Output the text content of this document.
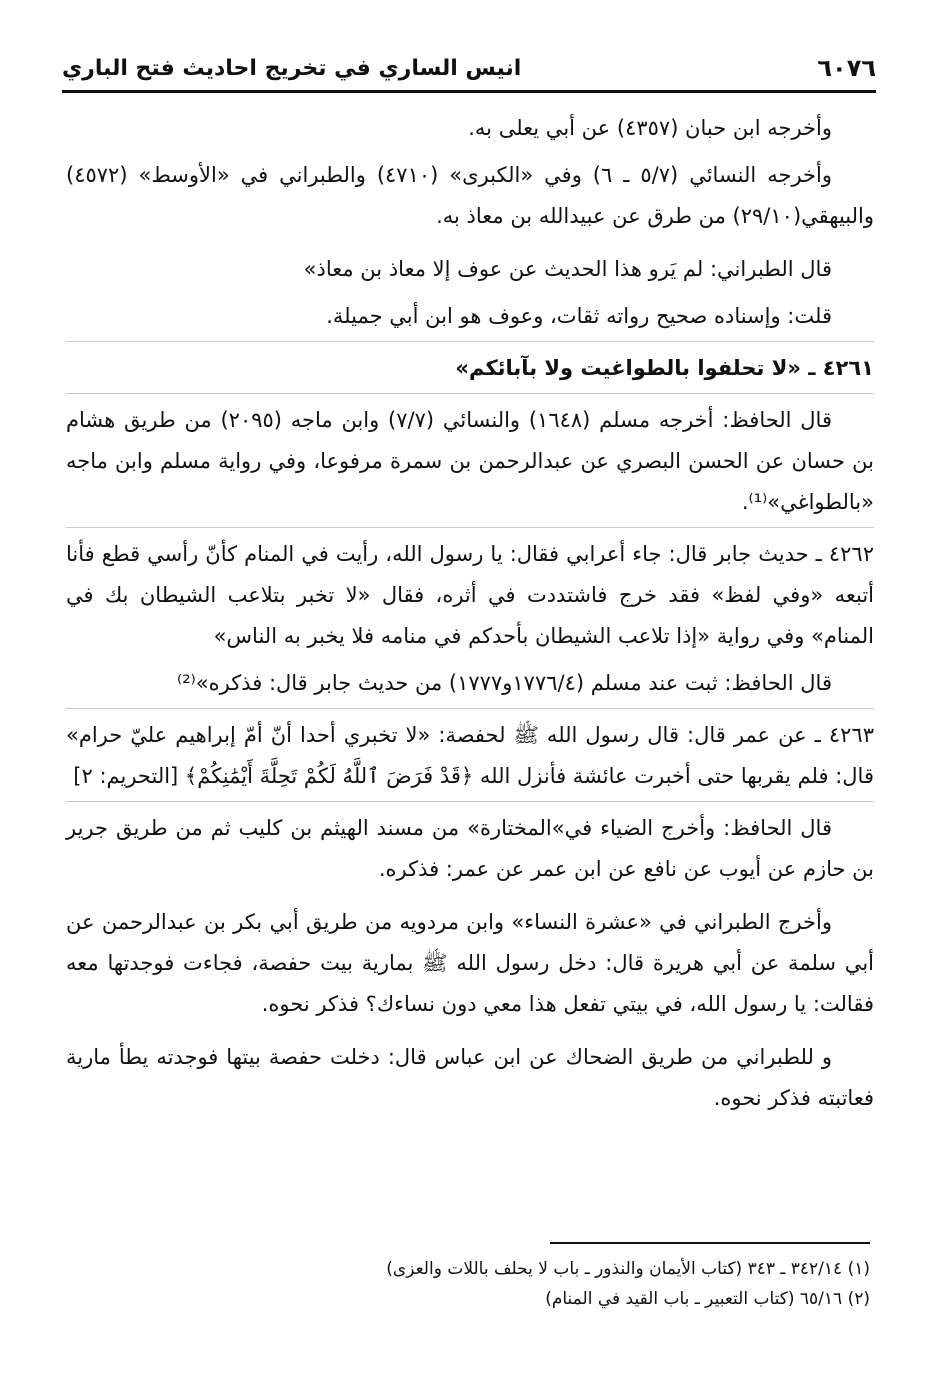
٦٠٧٦
انيس الساري في تخريج احاديث فتح الباري

وأخرجه ابن حبان (٤٣٥٧) عن أبي يعلى به.

وأخرجه النسائي (٥/٧ ـ ٦) وفي «الكبرى» (٤٧١٠) والطبراني في «الأوسط» (٤٥٧٢) والبيهقي(٢٩/١٠) من طرق عن عبيدالله بن معاذ به.

قال الطبراني: لم يَرو هذا الحديث عن عوف إلا معاذ بن معاذ»

قلت: وإسناده صحيح رواته ثقات، وعوف هو ابن أبي جميلة.

٤٢٦١ ـ «لا تحلفوا بالطواغيت ولا بآبائكم»

قال الحافظ: أخرجه مسلم (١٦٤٨) والنسائي (٧/٧) وابن ماجه (٢٠٩٥) من طريق هشام بن حسان عن الحسن البصري عن عبدالرحمن بن سمرة مرفوعا، وفي رواية مسلم وابن ماجه «بالطواغي»⁽¹⁾.

٤٢٦٢ ـ حديث جابر قال: جاء أعرابي فقال: يا رسول الله، رأيت في المنام كأنّ رأسي قطع فأنا أتبعه «وفي لفظ» فقد خرج فاشتددت في أثره، فقال «لا تخبر بتلاعب الشيطان بك في المنام» وفي رواية «إذا تلاعب الشيطان بأحدكم في منامه فلا يخبر به الناس»

قال الحافظ: ثبت عند مسلم (١٧٧٦/٤و١٧٧٧) من حديث جابر قال: فذكره»⁽²⁾

٤٢٦٣ ـ عن عمر قال: قال رسول الله ﷺ لحفصة: «لا تخبري أحدا أنّ أمّ إبراهيم عليّ حرام» قال: فلم يقربها حتى أخبرت عائشة فأنزل الله ﴿قَدْ فَرَضَ ٱللَّهُ لَكُمْ تَحِلَّةَ أَيْمَٰنِكُمْ﴾ [التحريم: ٢]

قال الحافظ: وأخرج الضياء في»المختارة» من مسند الهيثم بن كليب ثم من طريق جرير بن حازم عن أيوب عن نافع عن ابن عمر عن عمر: فذكره.

وأخرج الطبراني في «عشرة النساء» وابن مردويه من طريق أبي بكر بن عبدالرحمن عن أبي سلمة عن أبي هريرة قال: دخل رسول الله ﷺ بمارية بيت حفصة، فجاءت فوجدتها معه فقالت: يا رسول الله، في بيتي تفعل هذا معي دون نساءك؟ فذكر نحوه.

و للطبراني من طريق الضحاك عن ابن عباس قال: دخلت حفصة بيتها فوجدته يطأ مارية فعاتبته فذكر نحوه.

(١) ٣٤٢/١٤ ـ ٣٤٣ (كتاب الأيمان والنذور ـ باب لا يحلف باللات والعزى)

(٢) ٦٥/١٦ (كتاب التعبير ـ باب القيد في المنام)
